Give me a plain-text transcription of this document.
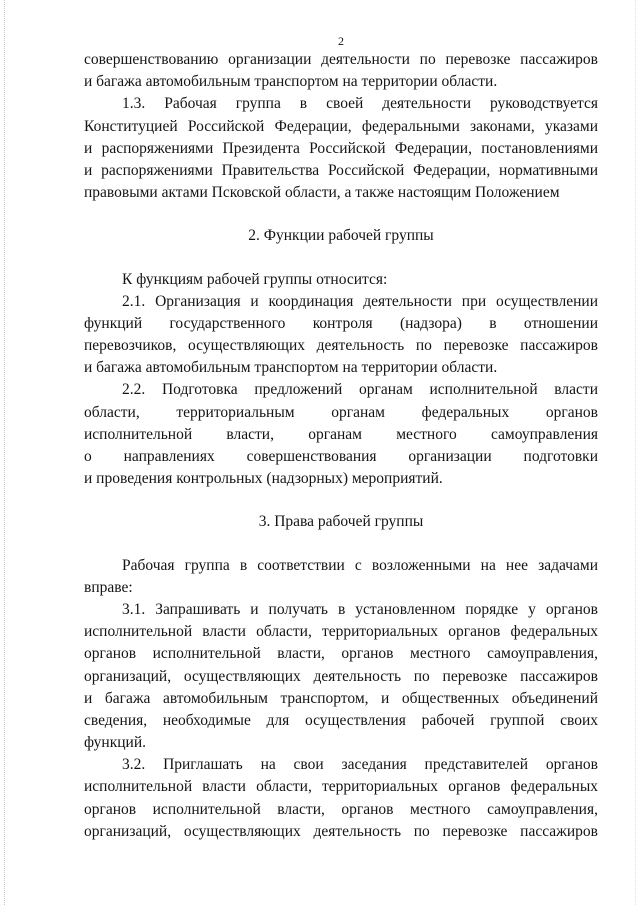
2
совершенствованию организации деятельности по перевозке пассажиров
и багажа автомобильным транспортом на территории области.
1.3. Рабочая группа в своей деятельности руководствуется
Конституцией Российской Федерации, федеральными законами, указами
и распоряжениями Президента Российской Федерации, постановлениями
и распоряжениями Правительства Российской Федерации, нормативными
правовыми актами Псковской области, а также настоящим Положением
2. Функции рабочей группы
К функциям рабочей группы относится:
2.1. Организация и координация деятельности при осуществлении
функций государственного контроля (надзора) в отношении
перевозчиков, осуществляющих деятельность по перевозке пассажиров
и багажа автомобильным транспортом на территории области.
2.2. Подготовка предложений органам исполнительной власти
области, территориальным органам федеральных органов
исполнительной власти, органам местного самоуправления
о направлениях совершенствования организации подготовки
и проведения контрольных (надзорных) мероприятий.
3. Права рабочей группы
Рабочая группа в соответствии с возложенными на нее задачами
вправе:
3.1. Запрашивать и получать в установленном порядке у органов
исполнительной власти области, территориальных органов федеральных
органов исполнительной власти, органов местного самоуправления,
организаций, осуществляющих деятельность по перевозке пассажиров
и багажа автомобильным транспортом, и общественных объединений
сведения, необходимые для осуществления рабочей группой своих
функций.
3.2. Приглашать на свои заседания представителей органов
исполнительной власти области, территориальных органов федеральных
органов исполнительной власти, органов местного самоуправления,
организаций, осуществляющих деятельность по перевозке пассажиров
